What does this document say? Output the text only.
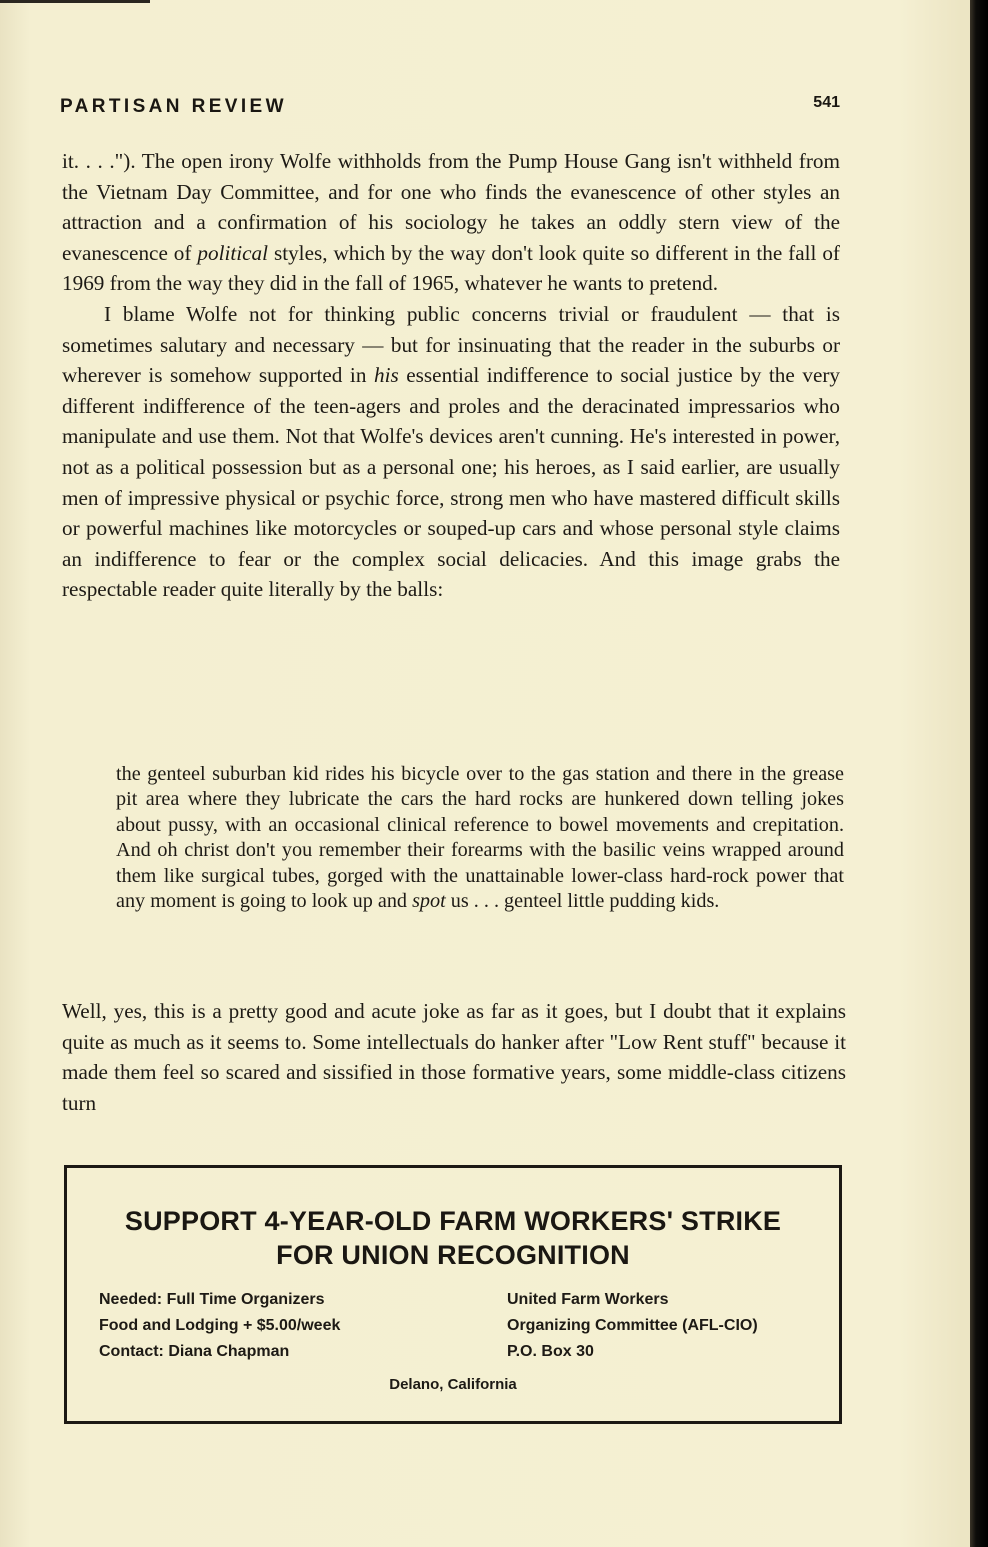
PARTISAN REVIEW	541

it. . . ."). The open irony Wolfe withholds from the Pump House Gang isn't withheld from the Vietnam Day Committee, and for one who finds the evanescence of other styles an attraction and a confirmation of his sociology he takes an oddly stern view of the evanescence of political styles, which by the way don't look quite so different in the fall of 1969 from the way they did in the fall of 1965, whatever he wants to pretend.

I blame Wolfe not for thinking public concerns trivial or fraudulent — that is sometimes salutary and necessary — but for insinuating that the reader in the suburbs or wherever is somehow supported in his essential indifference to social justice by the very different indifference of the teen-agers and proles and the deracinated impressarios who manipulate and use them. Not that Wolfe's devices aren't cunning. He's interested in power, not as a political possession but as a personal one; his heroes, as I said earlier, are usually men of impressive physical or psychic force, strong men who have mastered difficult skills or powerful machines like motorcycles or souped-up cars and whose personal style claims an indifference to fear or the complex social delicacies. And this image grabs the respectable reader quite literally by the balls:

the genteel suburban kid rides his bicycle over to the gas station and there in the grease pit area where they lubricate the cars the hard rocks are hunkered down telling jokes about pussy, with an occasional clinical reference to bowel movements and crepitation. And oh christ don't you remember their forearms with the basilic veins wrapped around them like surgical tubes, gorged with the unattainable lower-class hard-rock power that any moment is going to look up and spot us . . . genteel little pudding kids.

Well, yes, this is a pretty good and acute joke as far as it goes, but I doubt that it explains quite as much as it seems to. Some intellectuals do hanker after "Low Rent stuff" because it made them feel so scared and sissified in those formative years, some middle-class citizens turn

SUPPORT 4-YEAR-OLD FARM WORKERS' STRIKE
FOR UNION RECOGNITION
Needed: Full Time Organizers
Food and Lodging + $5.00/week
Contact: Diana Chapman
United Farm Workers
Organizing Committee (AFL-CIO)
P.O. Box 30
Delano, California
